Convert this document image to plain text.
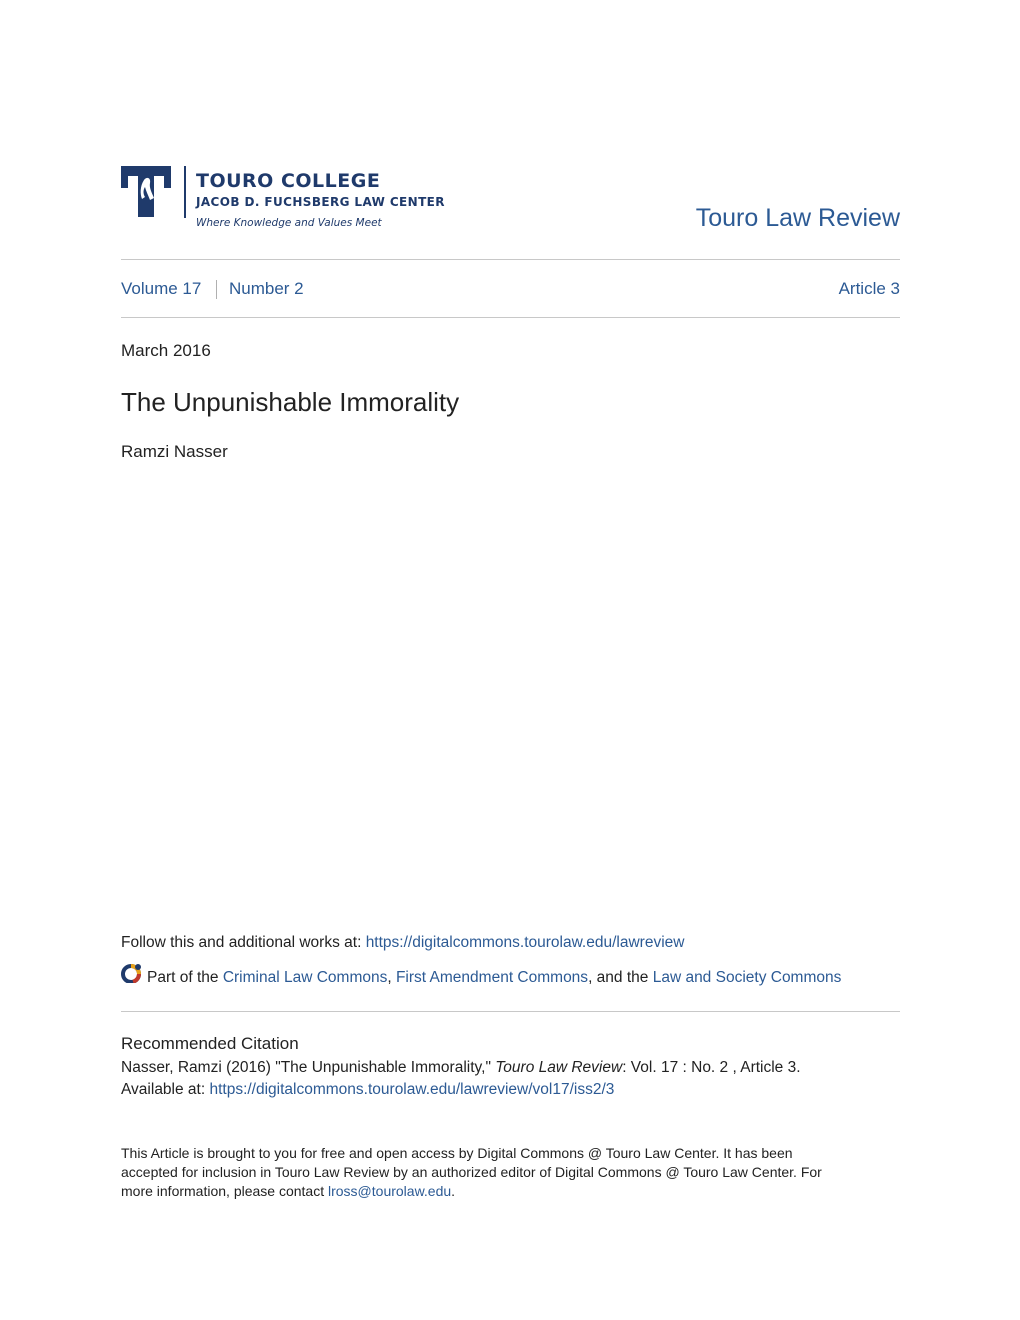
TOURO COLLEGE
JACOB D. FUCHSBERG LAW CENTER
Where Knowledge and Values Meet	Touro Law Review
Volume 17 Number 2	Article 3
March 2016
The Unpunishable Immorality
Ramzi Nasser
Follow this and additional works at: https://digitalcommons.tourolaw.edu/lawreview
Part of the Criminal Law Commons, First Amendment Commons, and the Law and Society Commons
Recommended Citation
Nasser, Ramzi (2016) "The Unpunishable Immorality," Touro Law Review: Vol. 17 : No. 2 , Article 3.
Available at: https://digitalcommons.tourolaw.edu/lawreview/vol17/iss2/3

This Article is brought to you for free and open access by Digital Commons @ Touro Law Center. It has been

accepted for inclusion in Touro Law Review by an authorized editor of Digital Commons @ Touro Law Center. For

more information, please contact lross@tourolaw.edu.
